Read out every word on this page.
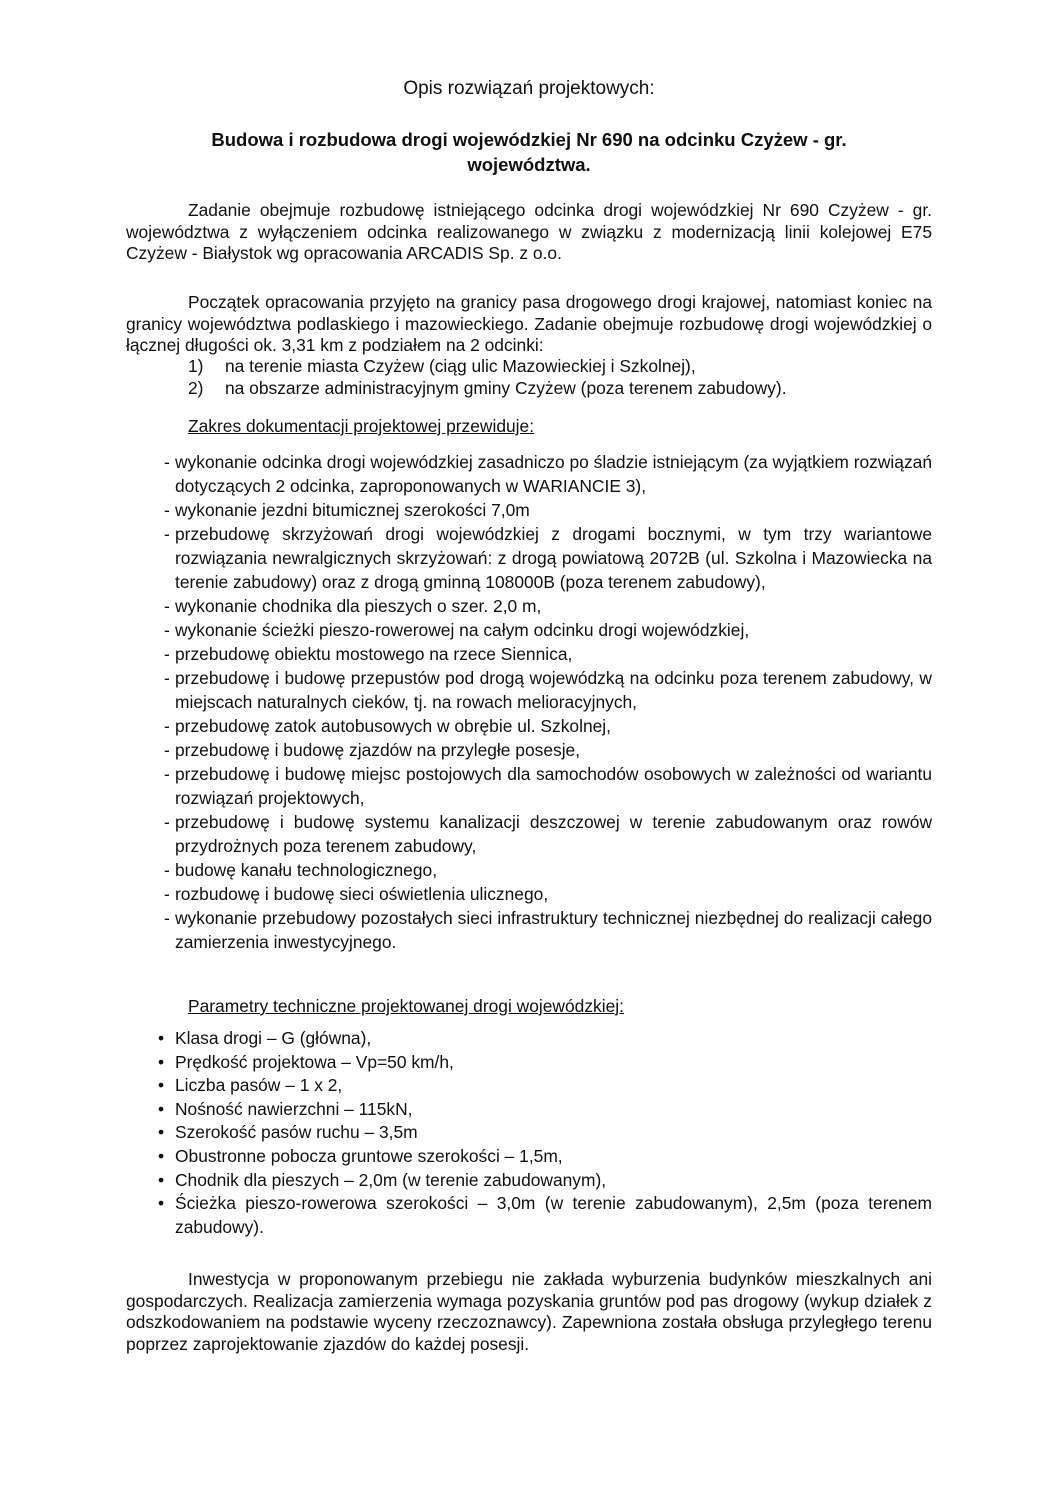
Opis rozwiązań projektowych:
Budowa i rozbudowa drogi wojewódzkiej Nr 690 na odcinku Czyżew - gr.
województwa.

Zadanie obejmuje rozbudowę istniejącego odcinka drogi wojewódzkiej Nr 690 Czyżew - gr. województwa z wyłączeniem odcinka realizowanego w związku z modernizacją linii kolejowej E75 Czyżew - Białystok wg opracowania ARCADIS Sp. z o.o.

Początek opracowania przyjęto na granicy pasa drogowego drogi krajowej, natomiast koniec na granicy województwa podlaskiego i mazowieckiego. Zadanie obejmuje rozbudowę drogi wojewódzkiej o łącznej długości ok. 3,31 km z podziałem na 2 odcinki:

1) na terenie miasta Czyżew (ciąg ulic Mazowieckiej i Szkolnej),
2) na obszarze administracyjnym gminy Czyżew (poza terenem zabudowy).

Zakres dokumentacji projektowej przewiduje:

- wykonanie odcinka drogi wojewódzkiej zasadniczo po śladzie istniejącym (za wyjątkiem rozwiązań dotyczących 2 odcinka, zaproponowanych w WARIANCIE 3),
- wykonanie jezdni bitumicznej szerokości 7,0m
- przebudowę skrzyżowań drogi wojewódzkiej z drogami bocznymi, w tym trzy wariantowe rozwiązania newralgicznych skrzyżowań: z drogą powiatową 2072B (ul. Szkolna i Mazowiecka na terenie zabudowy) oraz z drogą gminną 108000B (poza terenem zabudowy),
- wykonanie chodnika dla pieszych o szer. 2,0 m,
- wykonanie ścieżki pieszo-rowerowej na całym odcinku drogi wojewódzkiej,
- przebudowę obiektu mostowego na rzece Siennica,
- przebudowę i budowę przepustów pod drogą wojewódzką na odcinku poza terenem zabudowy, w miejscach naturalnych cieków, tj. na rowach melioracyjnych,
- przebudowę zatok autobusowych w obrębie ul. Szkolnej,
- przebudowę i budowę zjazdów na przyległe posesje,
- przebudowę i budowę miejsc postojowych dla samochodów osobowych w zależności od wariantu rozwiązań projektowych,
- przebudowę i budowę systemu kanalizacji deszczowej w terenie zabudowanym oraz rowów przydrożnych poza terenem zabudowy,
- budowę kanału technologicznego,
- rozbudowę i budowę sieci oświetlenia ulicznego,
- wykonanie przebudowy pozostałych sieci infrastruktury technicznej niezbędnej do realizacji całego zamierzenia inwestycyjnego.

Parametry techniczne projektowanej drogi wojewódzkiej:

• Klasa drogi – G (główna),
• Prędkość projektowa – Vp=50 km/h,
• Liczba pasów – 1 x 2,
• Nośność nawierzchni – 115kN,
• Szerokość pasów ruchu – 3,5m
• Obustronne pobocza gruntowe szerokości – 1,5m,
• Chodnik dla pieszych – 2,0m (w terenie zabudowanym),
• Ścieżka pieszo-rowerowa szerokości – 3,0m (w terenie zabudowanym), 2,5m (poza terenem zabudowy).

Inwestycja w proponowanym przebiegu nie zakłada wyburzenia budynków mieszkalnych ani gospodarczych. Realizacja zamierzenia wymaga pozyskania gruntów pod pas drogowy (wykup działek z odszkodowaniem na podstawie wyceny rzeczoznawcy). Zapewniona została obsługa przyległego terenu poprzez zaprojektowanie zjazdów do każdej posesji.
